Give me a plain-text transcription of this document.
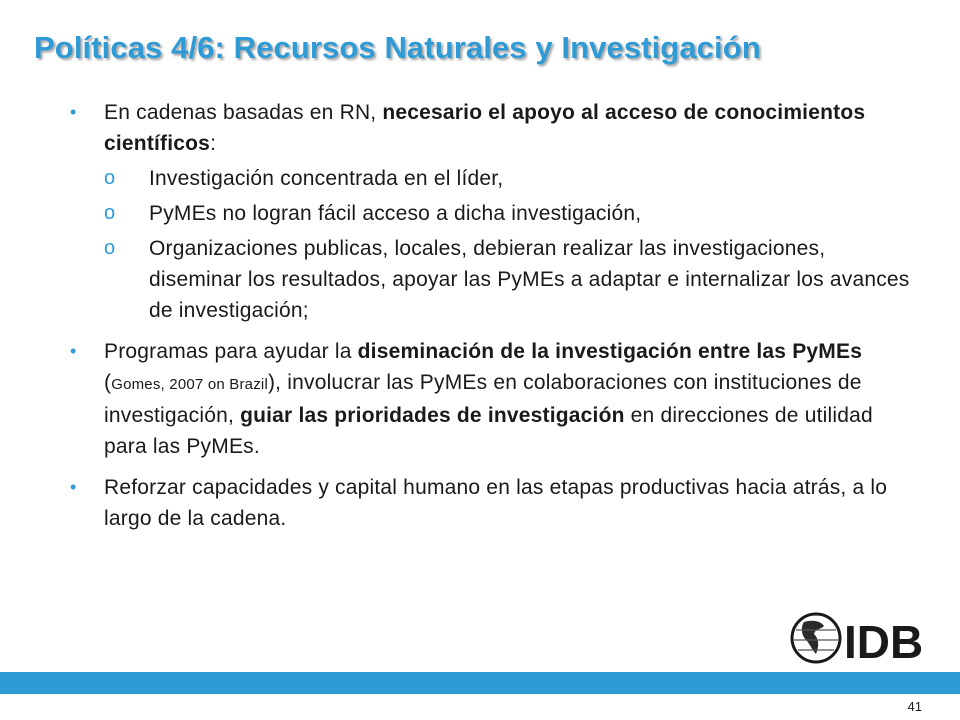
Políticas 4/6: Recursos Naturales y Investigación
• En cadenas basadas en RN, necesario el apoyo al acceso de conocimientos científicos:
o Investigación concentrada en el líder,
o PyMEs no logran fácil acceso a dicha investigación,
o Organizaciones publicas, locales, debieran realizar las investigaciones, diseminar los resultados, apoyar las PyMEs a adaptar e internalizar los avances de investigación;
• Programas para ayudar la diseminación de la investigación entre las PyMEs (Gomes, 2007 on Brazil), involucrar las PyMEs en colaboraciones con instituciones de investigación, guiar las prioridades de investigación en direcciones de utilidad para las PyMEs.
• Reforzar capacidades y capital humano en las etapas productivas hacia atrás, a lo largo de la cadena.
IDB
41
